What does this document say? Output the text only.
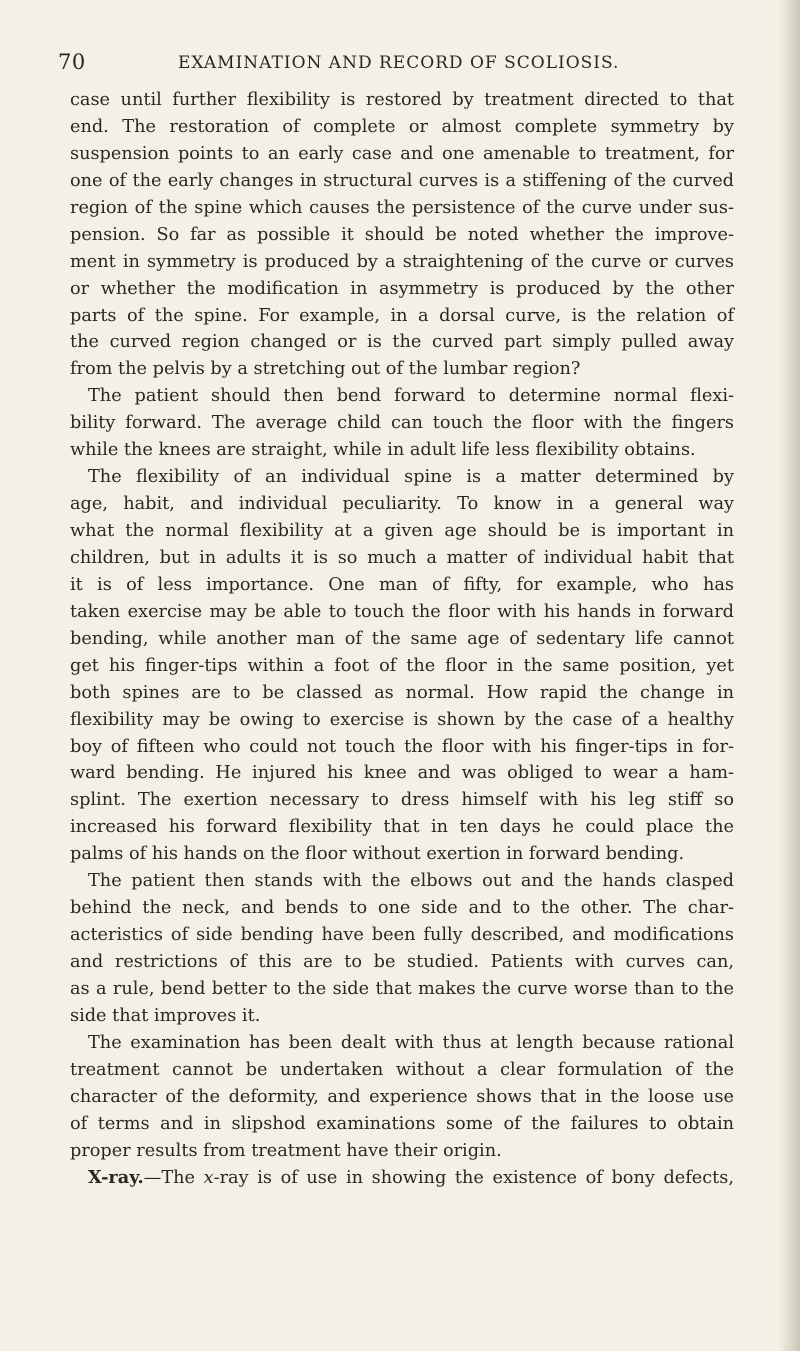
70	EXAMINATION AND RECORD OF SCOLIOSIS.
case until further flexibility is restored by treatment directed to that
end. The restoration of complete or almost complete symmetry by
suspension points to an early case and one amenable to treatment, for
one of the early changes in structural curves is a stiffening of the curved
region of the spine which causes the persistence of the curve under sus-
pension. So far as possible it should be noted whether the improve-
ment in symmetry is produced by a straightening of the curve or curves
or whether the modification in asymmetry is produced by the other
parts of the spine. For example, in a dorsal curve, is the relation of
the curved region changed or is the curved part simply pulled away
from the pelvis by a stretching out of the lumbar region?
The patient should then bend forward to determine normal flexi-
bility forward. The average child can touch the floor with the fingers
while the knees are straight, while in adult life less flexibility obtains.
The flexibility of an individual spine is a matter determined by
age, habit, and individual peculiarity. To know in a general way
what the normal flexibility at a given age should be is important in
children, but in adults it is so much a matter of individual habit that
it is of less importance. One man of fifty, for example, who has
taken exercise may be able to touch the floor with his hands in forward
bending, while another man of the same age of sedentary life cannot
get his finger-tips within a foot of the floor in the same position, yet
both spines are to be classed as normal. How rapid the change in
flexibility may be owing to exercise is shown by the case of a healthy
boy of fifteen who could not touch the floor with his finger-tips in for-
ward bending. He injured his knee and was obliged to wear a ham-
splint. The exertion necessary to dress himself with his leg stiff so
increased his forward flexibility that in ten days he could place the
palms of his hands on the floor without exertion in forward bending.
The patient then stands with the elbows out and the hands clasped
behind the neck, and bends to one side and to the other. The char-
acteristics of side bending have been fully described, and modifications
and restrictions of this are to be studied. Patients with curves can,
as a rule, bend better to the side that makes the curve worse than to the
side that improves it.
The examination has been dealt with thus at length because rational
treatment cannot be undertaken without a clear formulation of the
character of the deformity, and experience shows that in the loose use
of terms and in slipshod examinations some of the failures to obtain
proper results from treatment have their origin.
X-ray.—The x-ray is of use in showing the existence of bony defects,
